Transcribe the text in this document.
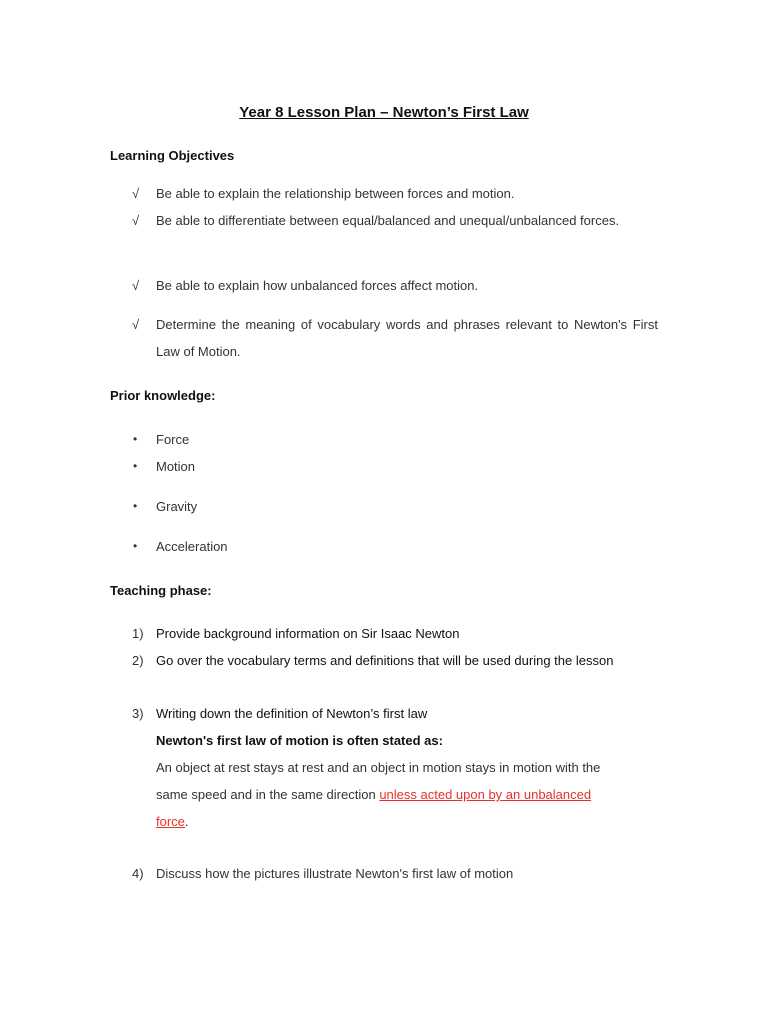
Year 8 Lesson Plan – Newton’s First Law
Learning Objectives
√ Be able to explain the relationship between forces and motion.
√ Be able to differentiate between equal/balanced and unequal/unbalanced forces.
√ Be able to explain how unbalanced forces affect motion.
√ Determine the meaning of vocabulary words and phrases relevant to Newton's First Law of Motion.
Prior knowledge:
• Force
• Motion
• Gravity
• Acceleration
Teaching phase:
1) Provide background information on Sir Isaac Newton
2) Go over the vocabulary terms and definitions that will be used during the lesson
3) Writing down the definition of Newton’s first law
Newton's first law of motion is often stated as:
An object at rest stays at rest and an object in motion stays in motion with the same speed and in the same direction unless acted upon by an unbalanced force.
4) Discuss how the pictures illustrate Newton's first law of motion
